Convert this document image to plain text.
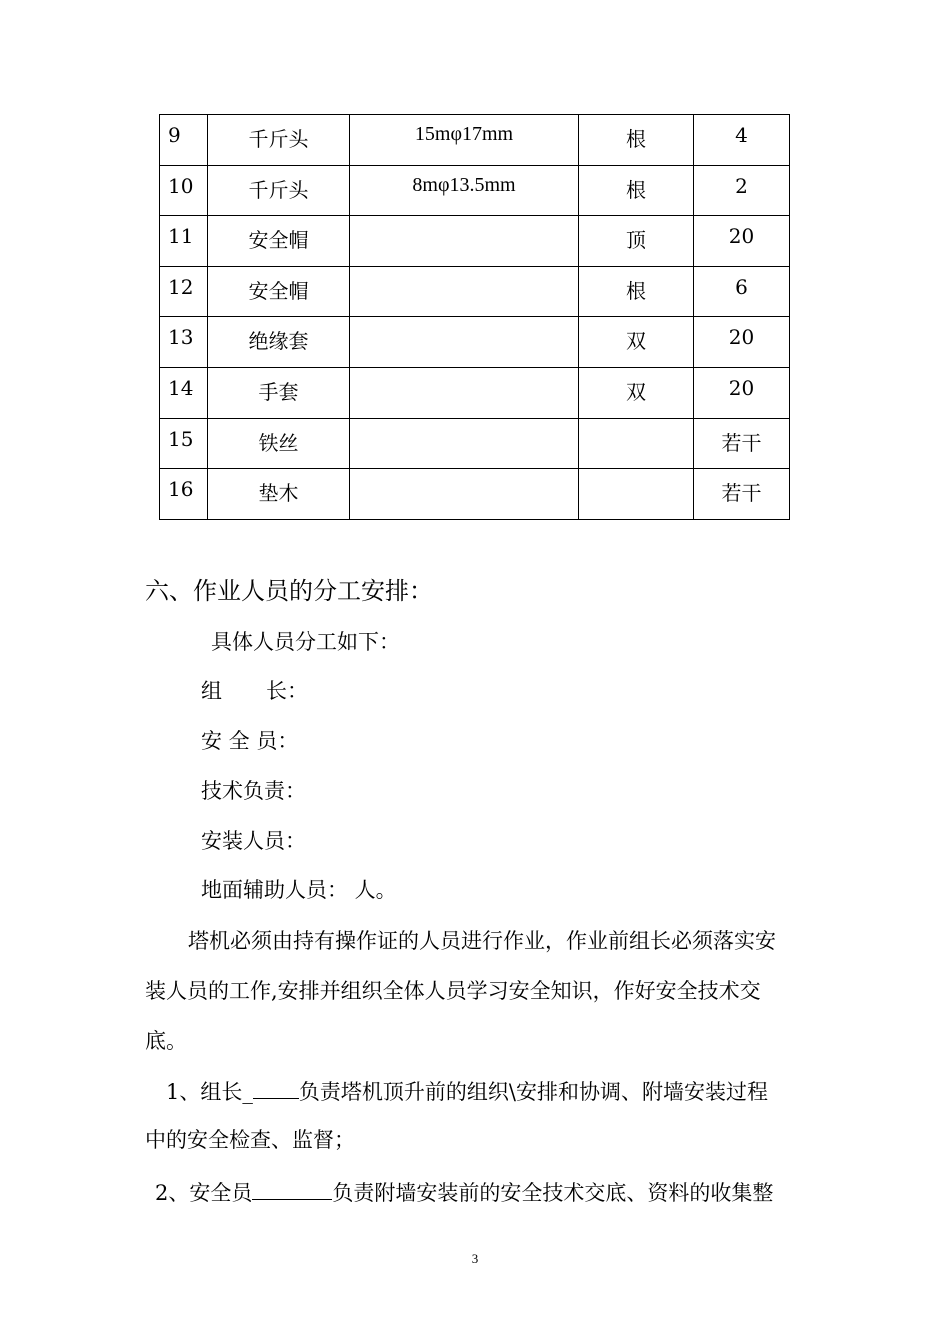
9	千斤头	15mφ17mm	根	4

10	千斤头	8mφ13.5mm	根	2

11	安全帽		顶	20

12	安全帽		根	6

13	绝缘套		双	20

14	手套		双	20

15	铁丝			若干

16	垫木			若干
六、作业人员的分工安排：
具体人员分工如下：
组 长：
安 全 员：
技术负责：
安装人员：
地面辅助人员： 人。
塔机必须由持有操作证的人员进行作业，作业前组长必须落实安
装人员的工作,安排并组织全体人员学习安全知识，作好安全技术交
底。
1、组长_ 负责塔机顶升前的组织\安排和协调、附墙安装过程
中的安全检查、监督；
2、安全员	负责附墙安装前的安全技术交底、资料的收集整
3
